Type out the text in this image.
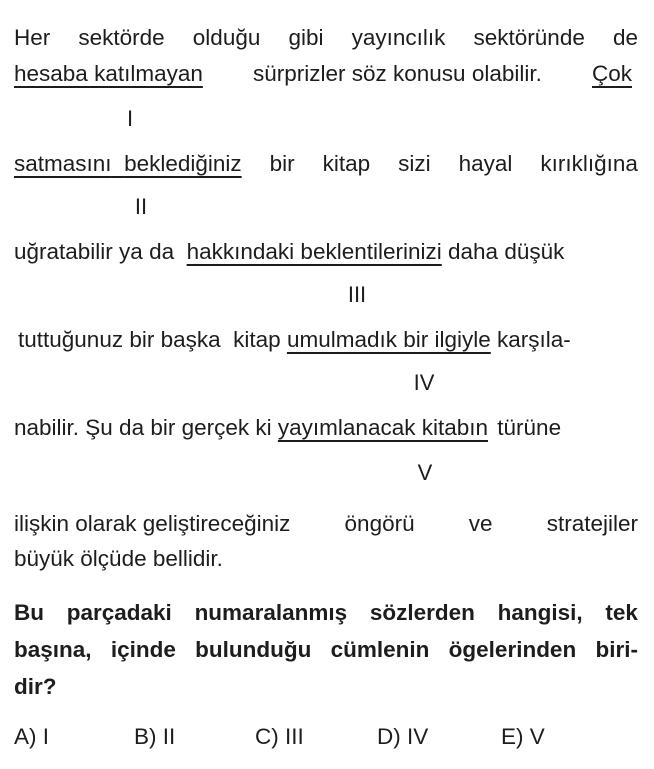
Her sektörde olduğu gibi yayıncılık sektöründe de
hesaba katılmayan sürprizler söz konusu olabilir. Çok
I
satmasını beklediğiniz bir kitap sizi hayal kırıklığına
II
uğratabilir ya da hakkındaki beklentilerinizi daha düşük
III
tuttuğunuz bir başka  kitap umulmadık bir ilgiyle karşıla-
IV
nabilir. Şu da bir gerçek ki yayımlanacak kitabın türüne
V
ilişkin olarak geliştireceğiniz öngörü ve stratejiler
büyük ölçüde bellidir.
Bu parçadaki numaralanmış sözlerden hangisi, tek
başına, içinde bulunduğu cümlenin ögelerinden biri-
dir?
A) I	B) II	C) III	D) IV	E) V
